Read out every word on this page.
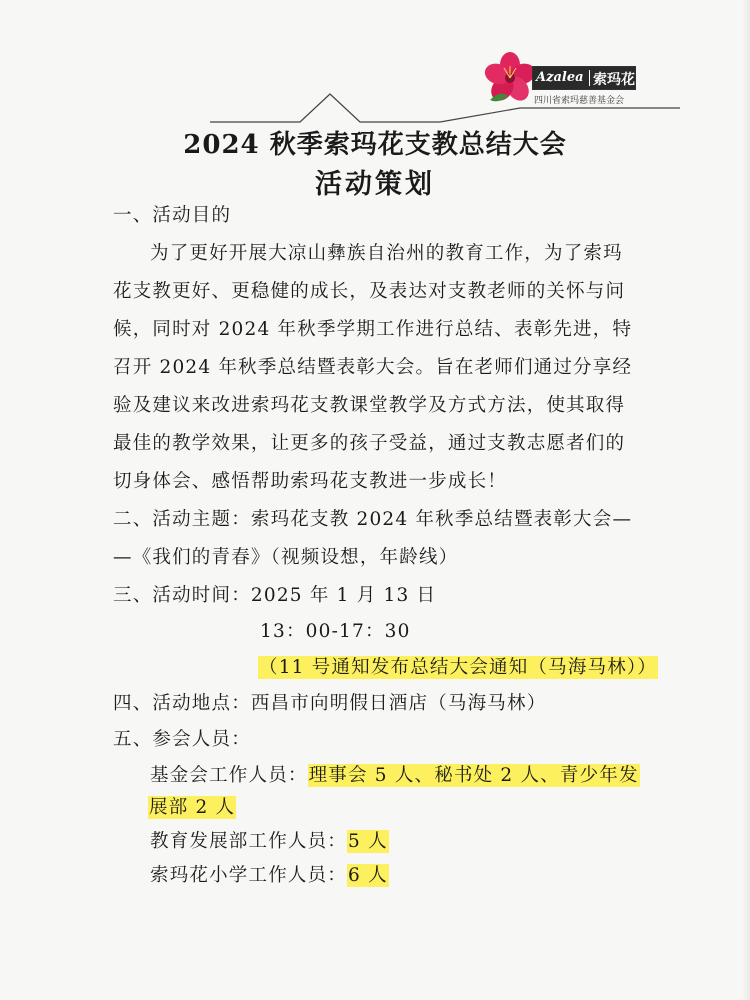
Azalea 索玛花
四川省索玛慈善基金会
2024 秋季索玛花支教总结大会
活动策划
一、活动目的
为了更好开展大凉山彝族自治州的教育工作，为了索玛
花支教更好、更稳健的成长，及表达对支教老师的关怀与问
候，同时对 2024 年秋季学期工作进行总结、表彰先进，特
召开 2024 年秋季总结暨表彰大会。旨在老师们通过分享经
验及建议来改进索玛花支教课堂教学及方式方法，使其取得
最佳的教学效果，让更多的孩子受益，通过支教志愿者们的
切身体会、感悟帮助索玛花支教进一步成长！
二、活动主题：索玛花支教 2024 年秋季总结暨表彰大会—
—《我们的青春》（视频设想，年龄线）
三、活动时间：2025 年 1 月 13 日
13：00-17：30
（11 号通知发布总结大会通知（马海马林））
四、活动地点：西昌市向明假日酒店（马海马林）
五、参会人员：
基金会工作人员：理事会 5 人、秘书处 2 人、青少年发
展部 2 人
教育发展部工作人员：5 人
索玛花小学工作人员：6 人
